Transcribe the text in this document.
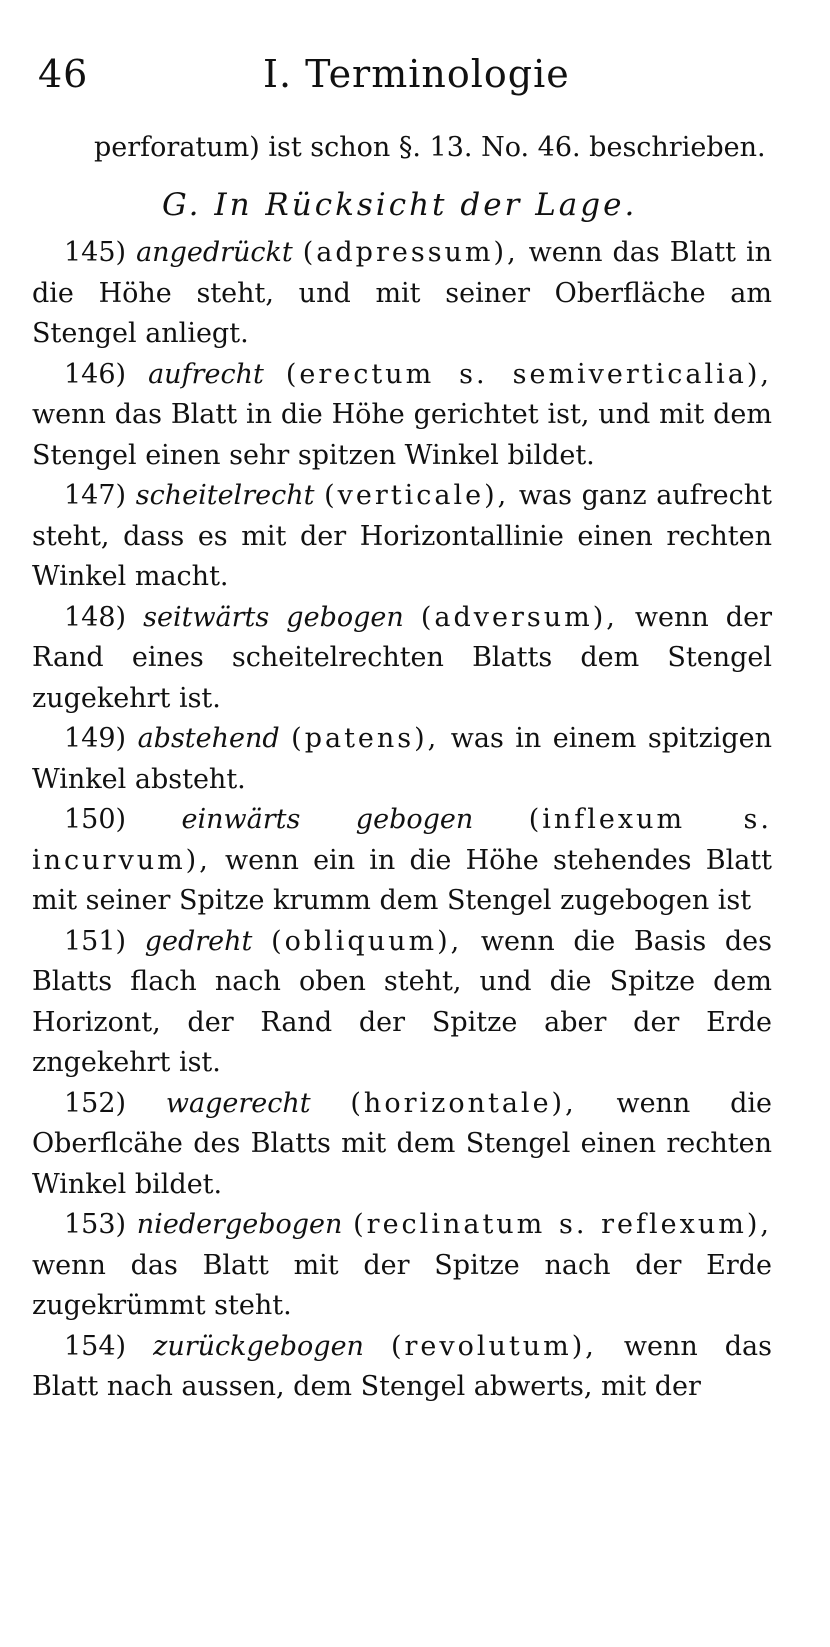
46	I. Terminologie

perforatum) ist schon §. 13. No. 46. beschrieben.

G. In Rücksicht der Lage.

145) angedrückt (adpressum), wenn das Blatt in die Höhe steht, und mit seiner Oberfläche am Stengel anliegt.

146) aufrecht (erectum s. semiverticalia), wenn das Blatt in die Höhe gerichtet ist, und mit dem Stengel einen sehr spitzen Winkel bildet.

147) scheitelrecht (verticale), was ganz aufrecht steht, dass es mit der Horizontallinie einen rechten Winkel macht.

148) seitwärts gebogen (adversum), wenn der Rand eines scheitelrechten Blatts dem Stengel zugekehrt ist.

149) abstehend (patens), was in einem spitzigen Winkel absteht.

150) einwärts gebogen (inflexum s. incurvum), wenn ein in die Höhe stehendes Blatt mit seiner Spitze krumm dem Stengel zugebogen ist

151) gedreht (obliquum), wenn die Basis des Blatts flach nach oben steht, und die Spitze dem Horizont, der Rand der Spitze aber der Erde zngekehrt ist.

152) wagerecht (horizontale), wenn die Oberflcähe des Blatts mit dem Stengel einen rechten Winkel bildet.

153) niedergebogen (reclinatum s. reflexum), wenn das Blatt mit der Spitze nach der Erde zugekrümmt steht.

154) zurückgebogen (revolutum), wenn das Blatt nach aussen, dem Stengel abwerts, mit der
